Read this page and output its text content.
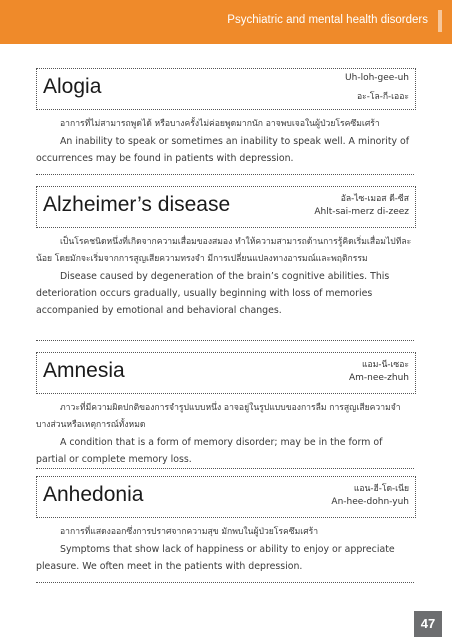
Psychiatric and mental health disorders
Alogia	Uh-loh-gee-uh
อะ-โล-กี-เออะ

อาการที่ไม่สามารถพูดได้ หรือบางครั้งไม่ค่อยพูดมากนัก อาจพบเจอในผู้ป่วยโรคซึมเศร้า

An inability to speak or sometimes an inability to speak well. A minority of occurrences may be found in patients with depression.

Alzheimer’s disease	อัล-ไซ-เมอส ดี-ซีส
Ahlt-sai-merz di-zeez

เป็นโรคชนิดหนึ่งที่เกิดจากความเสื่อมของสมอง ทำให้ความสามารถด้านการรู้คิดเริ่มเสื่อมไปทีละน้อย โดยมักจะเริ่มจากการสูญเสียความทรงจำ มีการเปลี่ยนแปลงทางอารมณ์และพฤติกรรม

Disease caused by degeneration of the brain’s cognitive abilities. This deterioration occurs gradually, usually beginning with loss of memories accompanied by emotional and behavioral changes.

Amnesia	แอม-นี-เซอะ
Am-nee-zhuh

ภาวะที่มีความผิดปกติของการจำรูปแบบหนึ่ง อาจอยู่ในรูปแบบของการลืม การสูญเสียความจำบางส่วนหรือเหตุการณ์ทั้งหมด

A condition that is a form of memory disorder; may be in the form of partial or complete memory loss.

Anhedonia	แอน-ฮี-โด-เนีย
An-hee-dohn-yuh

อาการที่แสดงออกซึ่งการปราศจากความสุข มักพบในผู้ป่วยโรคซึมเศร้า

Symptoms that show lack of happiness or ability to enjoy or appreciate pleasure. We often meet in the patients with depression.

47
